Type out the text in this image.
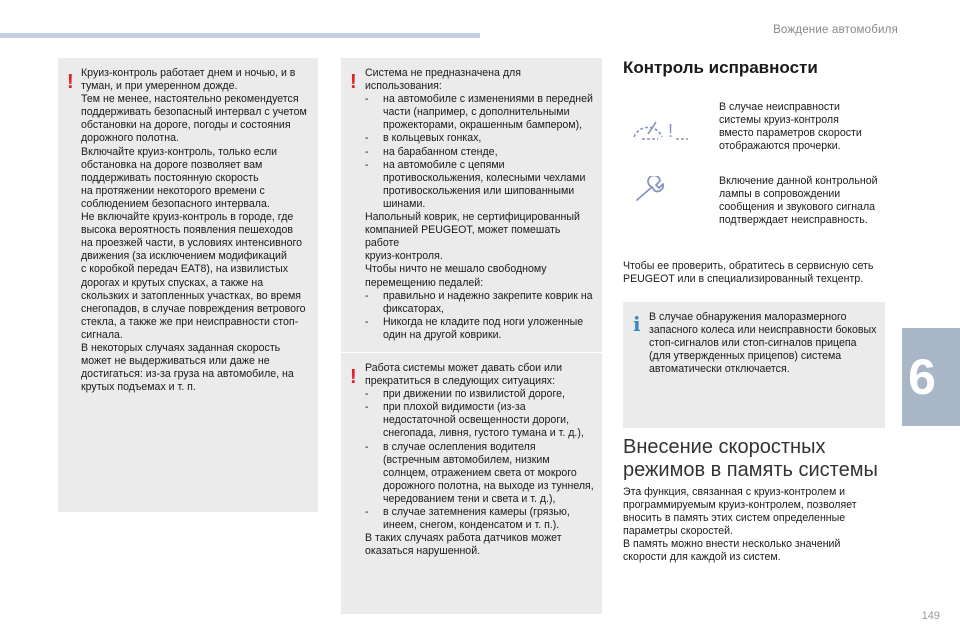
Вождение автомобиля
6
! Круиз-контроль работает днем и ночью, и в
туман, и при умеренном дожде.
Тем не менее, настоятельно рекомендуется
поддерживать безопасный интервал с учетом
обстановки на дороге, погоды и состояния
дорожного полотна.
Включайте круиз-контроль, только если
обстановка на дороге позволяет вам
поддерживать постоянную скорость
на протяжении некоторого времени с
соблюдением безопасного интервала.
Не включайте круиз-контроль в городе, где
высока вероятность появления пешеходов
на проезжей части, в условиях интенсивного
движения (за исключением модификаций
с коробкой передач EAT8), на извилистых
дорогах и крутых спусках, а также на
скользких и затопленных участках, во время
снегопадов, в случае повреждения ветрового
стекла, а также же при неисправности стоп-
сигнала.
В некоторых случаях заданная скорость
может не выдерживаться или даже не
достигаться: из-за груза на автомобиле, на
крутых подъемах и т. п.
! Система не предназначена для
использования:
- на автомобиле с изменениями в передней
части (например, с дополнительными
прожекторами, окрашенным бампером),
- в кольцевых гонках,
- на барабанном стенде,
- на автомобиле с цепями
противоскольжения, колесными чехлами
противоскольжения или шипованными
шинами.
Напольный коврик, не сертифицированный
компанией PEUGEOT, может помешать работе
круиз-контроля.
Чтобы ничто не мешало свободному
перемещению педалей:
- правильно и надежно закрепите коврик на
фиксаторах,
- Никогда не кладите под ноги уложенные
один на другой коврики.
! Работа системы может давать сбои или
прекратиться в следующих ситуациях:
- при движении по извилистой дороге,
- при плохой видимости (из-за
недостаточной освещенности дороги,
снегопада, ливня, густого тумана и т. д.),
- в случае ослепления водителя
(встречным автомобилем, низким
солнцем, отражением света от мокрого
дорожного полотна, на выходе из туннеля,
чередованием тени и света и т. д.),
- в случае затемнения камеры (грязью,
инеем, снегом, конденсатом и т. п.).
В таких случаях работа датчиков может
оказаться нарушенной.
Контроль исправности
!
В случае неисправности
системы круиз-контроля
вместо параметров скорости
отображаются прочерки.
Включение данной контрольной
лампы в сопровождении
сообщения и звукового сигнала
подтверждает неисправность.
Чтобы ее проверить, обратитесь в сервисную сеть
PEUGEOT или в специализированный техцентр.
i В случае обнаружения малоразмерного
запасного колеса или неисправности боковых
стоп-сигналов или стоп-сигналов прицепа
(для утвержденных прицепов) система
автоматически отключается.
Внесение скоростных
режимов в память системы
Эта функция, связанная с круиз-контролем и
программируемым круиз-контролем, позволяет
вносить в память этих систем определенные
параметры скоростей.
В память можно внести несколько значений
скорости для каждой из систем.
149
